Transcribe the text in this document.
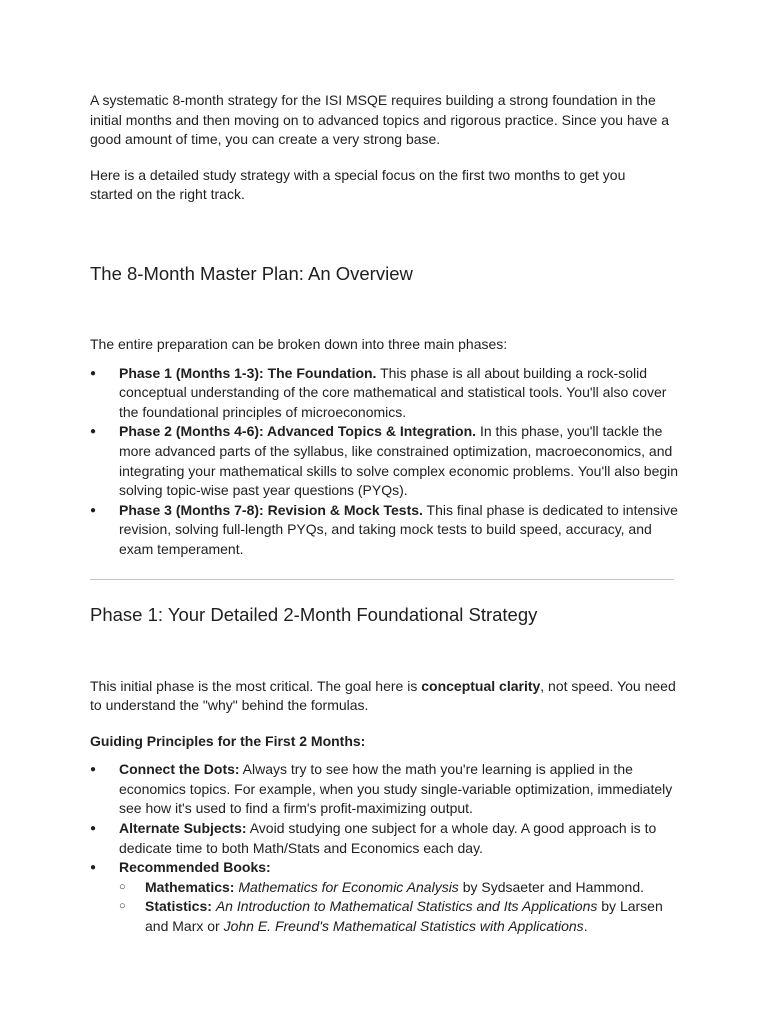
A systematic 8-month strategy for the ISI MSQE requires building a strong foundation in the initial months and then moving on to advanced topics and rigorous practice. Since you have a good amount of time, you can create a very strong base.

Here is a detailed study strategy with a special focus on the first two months to get you started on the right track.

The 8-Month Master Plan: An Overview

The entire preparation can be broken down into three main phases:

● Phase 1 (Months 1-3): The Foundation. This phase is all about building a rock-solid conceptual understanding of the core mathematical and statistical tools. You'll also cover the foundational principles of microeconomics.
● Phase 2 (Months 4-6): Advanced Topics & Integration. In this phase, you'll tackle the more advanced parts of the syllabus, like constrained optimization, macroeconomics, and integrating your mathematical skills to solve complex economic problems. You'll also begin solving topic-wise past year questions (PYQs).
● Phase 3 (Months 7-8): Revision & Mock Tests. This final phase is dedicated to intensive revision, solving full-length PYQs, and taking mock tests to build speed, accuracy, and exam temperament.
Phase 1: Your Detailed 2-Month Foundational Strategy

This initial phase is the most critical. The goal here is conceptual clarity, not speed. You need to understand the "why" behind the formulas.

Guiding Principles for the First 2 Months:

● Connect the Dots: Always try to see how the math you're learning is applied in the economics topics. For example, when you study single-variable optimization, immediately see how it's used to find a firm's profit-maximizing output.
● Alternate Subjects: Avoid studying one subject for a whole day. A good approach is to dedicate time to both Math/Stats and Economics each day.
● Recommended Books:
○ Mathematics: Mathematics for Economic Analysis by Sydsaeter and Hammond.
○ Statistics: An Introduction to Mathematical Statistics and Its Applications by Larsen and Marx or John E. Freund's Mathematical Statistics with Applications.
